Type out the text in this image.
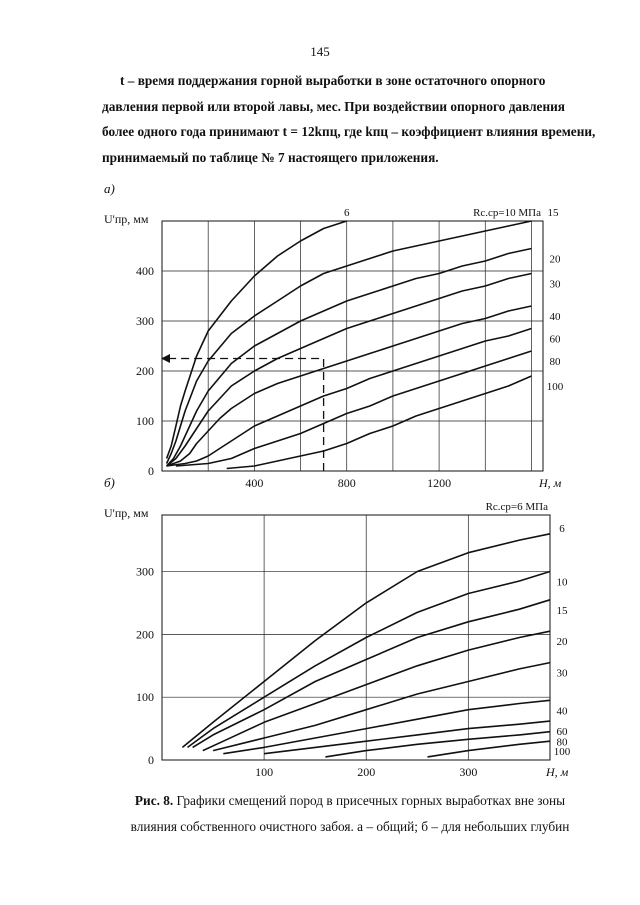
145
t – время поддержания горной выработки в зоне остаточного опорного
давления первой или второй лавы, мес. При воздействии опорного давления
более одного года принимают t = 12kпц, где kпц – коэффициент влияния времени,
принимаемый по таблице № 7 настоящего приложения.
0
100
200
300
400
400	800	1200
а)
U'пр, мм
H, м
Rс.ср=10 МПа
6	15
20
30
40
60
80
100
0
100
200
300
100	200	300
б)
U'пр, мм
H, м
Rс.ср=6 МПа
6
10
15
20
30
40
60
80
100
Рис. 8. Графики смещений пород в присечных горных выработках вне зоны
влияния собственного очистного забоя. а – общий; б – для небольших глубин
